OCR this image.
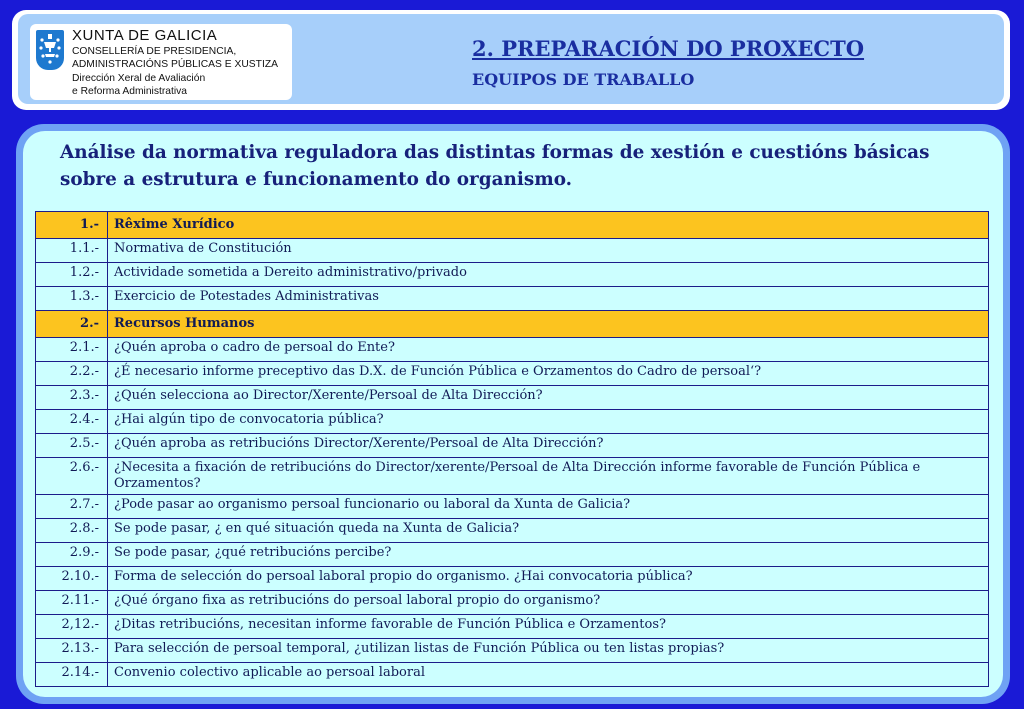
XUNTA DE GALICIA
CONSELLERÍA DE PRESIDENCIA,
ADMINISTRACIÓNS PÚBLICAS E XUSTIZA
Dirección Xeral de Avaliación
e Reforma Administrativa
2. PREPARACIÓN DO PROXECTO
EQUIPOS DE TRABALLO
Análise da normativa reguladora das distintas formas de xestión e cuestións básicas sobre a estrutura e funcionamento do organismo.
1.-	Rêxime Xurídico
1.1.-	Normativa de Constitución
1.2.-	Actividade sometida a Dereito administrativo/privado
1.3.-	Exercicio de Potestades Administrativas
2.-	Recursos Humanos
2.1.-	¿Quén aproba o cadro de persoal do Ente?
2.2.-	¿É necesario informe preceptivo das D.X. de Función Pública e Orzamentos do Cadro de persoal‘?
2.3.-	¿Quén selecciona ao Director/Xerente/Persoal de Alta Dirección?
2.4.-	¿Hai algún tipo de convocatoria pública?
2.5.-	¿Quén aproba as retribucións Director/Xerente/Persoal de Alta Dirección?
2.6.-	¿Necesita a fixación de retribucións do Director/xerente/Persoal de Alta Dirección informe favorable de Función Pública e Orzamentos?
2.7.-	¿Pode pasar ao organismo persoal funcionario ou laboral da Xunta de Galicia?
2.8.-	Se pode pasar, ¿ en qué situación queda na Xunta de Galicia?
2.9.-	Se pode pasar, ¿qué retribucións percibe?
2.10.-	Forma de selección do persoal laboral propio do organismo. ¿Hai convocatoria pública?
2.11.-	¿Qué órgano fixa as retribucións do persoal laboral propio do organismo?
2,12.-	¿Ditas retribucións, necesitan informe favorable de Función Pública e Orzamentos?
2.13.-	Para selección de persoal temporal, ¿utilizan listas de Función Pública ou ten listas propias?
2.14.-	Convenio colectivo aplicable ao persoal laboral
